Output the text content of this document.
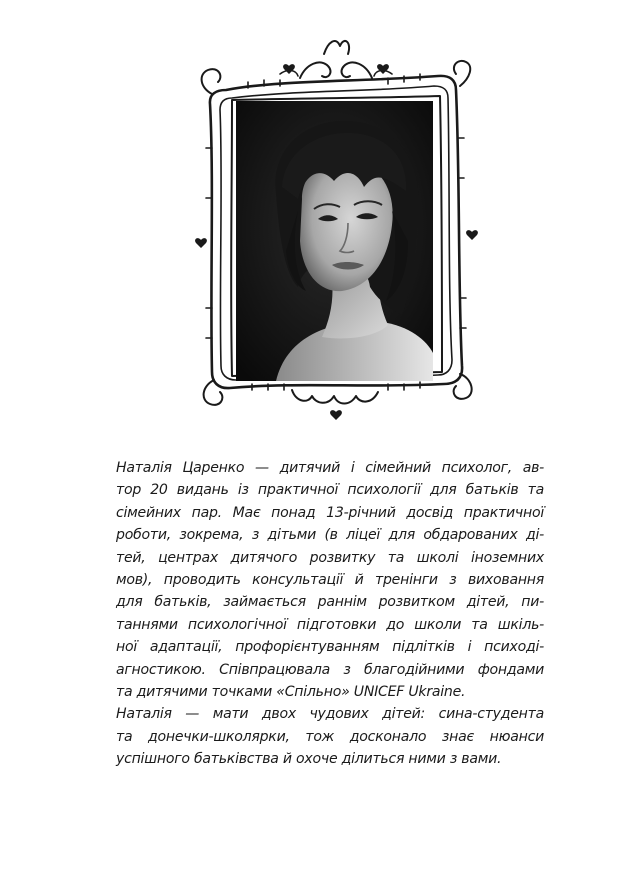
Наталія Царенко — дитячий і сімейний психолог, ав-
тор 20 видань із практичної психології для батьків та
сімейних пар. Має понад 13-річний досвід практичної
роботи, зокрема, з дітьми (в ліцеї для обдарованих ді-
тей, центрах дитячого розвитку та школі іноземних
мов), проводить консультації й тренінги з виховання
для батьків, займається раннім розвитком дітей, пи-
таннями психологічної підготовки до школи та шкіль-
ної адаптації, профорієнтуванням підлітків і псиході-
агностикою. Співпрацювала з благодійними фондами
та дитячими точками «Спільно» UNICEF Ukraine.

Наталія — мати двох чудових дітей: сина-студента
та донечки-школярки, тож досконало знає нюанси
успішного батьківства й охоче ділиться ними з вами.
